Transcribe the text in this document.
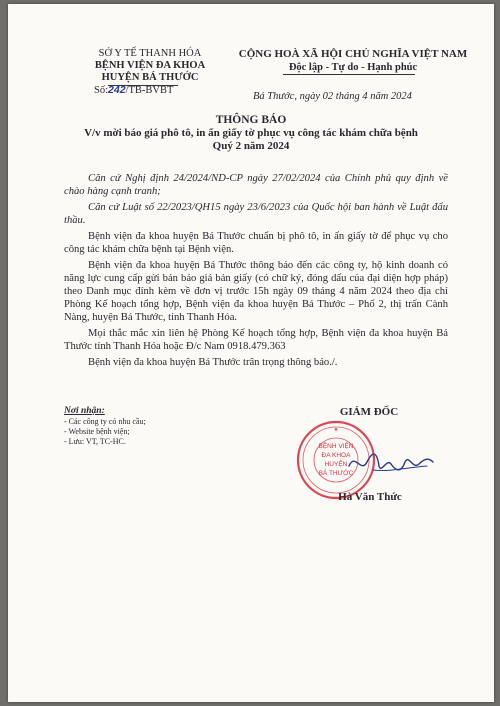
SỞ Y TẾ THANH HÓA
BỆNH VIỆN ĐA KHOA
HUYỆN BÁ THƯỚC
Số:242/TB-BVBT
CỘNG HOÀ XÃ HỘI CHỦ NGHĨA VIỆT NAM
Độc lập - Tự do - Hạnh phúc
Bá Thước, ngày 02 tháng 4 năm 2024
THÔNG BÁO
V/v mời báo giá phô tô, in ấn giấy tờ phục vụ công tác khám chữa bệnh
Quý 2 năm 2024

Căn cứ Nghị định 24/2024/ND-CP ngày 27/02/2024 của Chính phủ quy định về chào hàng cạnh tranh;

Căn cứ Luật số 22/2023/QH15 ngày 23/6/2023 của Quốc hội ban hành về Luật đấu thầu.

Bệnh viện đa khoa huyện Bá Thước chuẩn bị phô tô, in ấn giấy tờ để phục vụ cho công tác khám chữa bệnh tại Bệnh viện.

Bệnh viện đa khoa huyện Bá Thước thông báo đến các công ty, hộ kinh doanh có năng lực cung cấp gửi bản báo giá bản giấy (có chữ ký, đóng dấu của đại diện hợp pháp) theo Danh mục đính kèm về đơn vị trước 15h ngày 09 tháng 4 năm 2024 theo địa chỉ Phòng Kế hoạch tổng hợp, Bệnh viện đa khoa huyện Bá Thước – Phố 2, thị trấn Cành Nàng, huyện Bá Thước, tỉnh Thanh Hóa.

Mọi thắc mắc xin liên hệ Phòng Kế hoạch tổng hợp, Bệnh viện đa khoa huyện Bá Thước tỉnh Thanh Hóa hoặc Đ/c Nam 0918.479.363

Bệnh viện đa khoa huyện Bá Thước trân trọng thông báo./.

Nơi nhận:
- Các công ty có nhu cầu;
- Website bệnh viện;
- Lưu: VT, TC-HC.
GIÁM ĐỐC
BỆNH VIỆN
ĐA KHOA
HUYỆN
BÁ THƯỚC
★
Hà Văn Thức
